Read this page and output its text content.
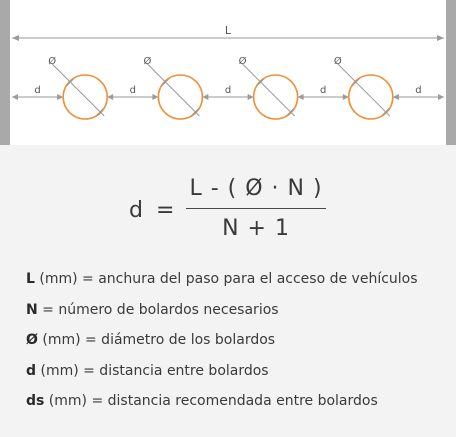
L
d	d	d	d	d
Ø	Ø	Ø	Ø
d =
L - ( Ø · N )
N + 1
L (mm) = anchura del paso para el acceso de vehículos
N = número de bolardos necesarios
Ø (mm) = diámetro de los bolardos
d (mm) = distancia entre bolardos
ds (mm) = distancia recomendada entre bolardos
